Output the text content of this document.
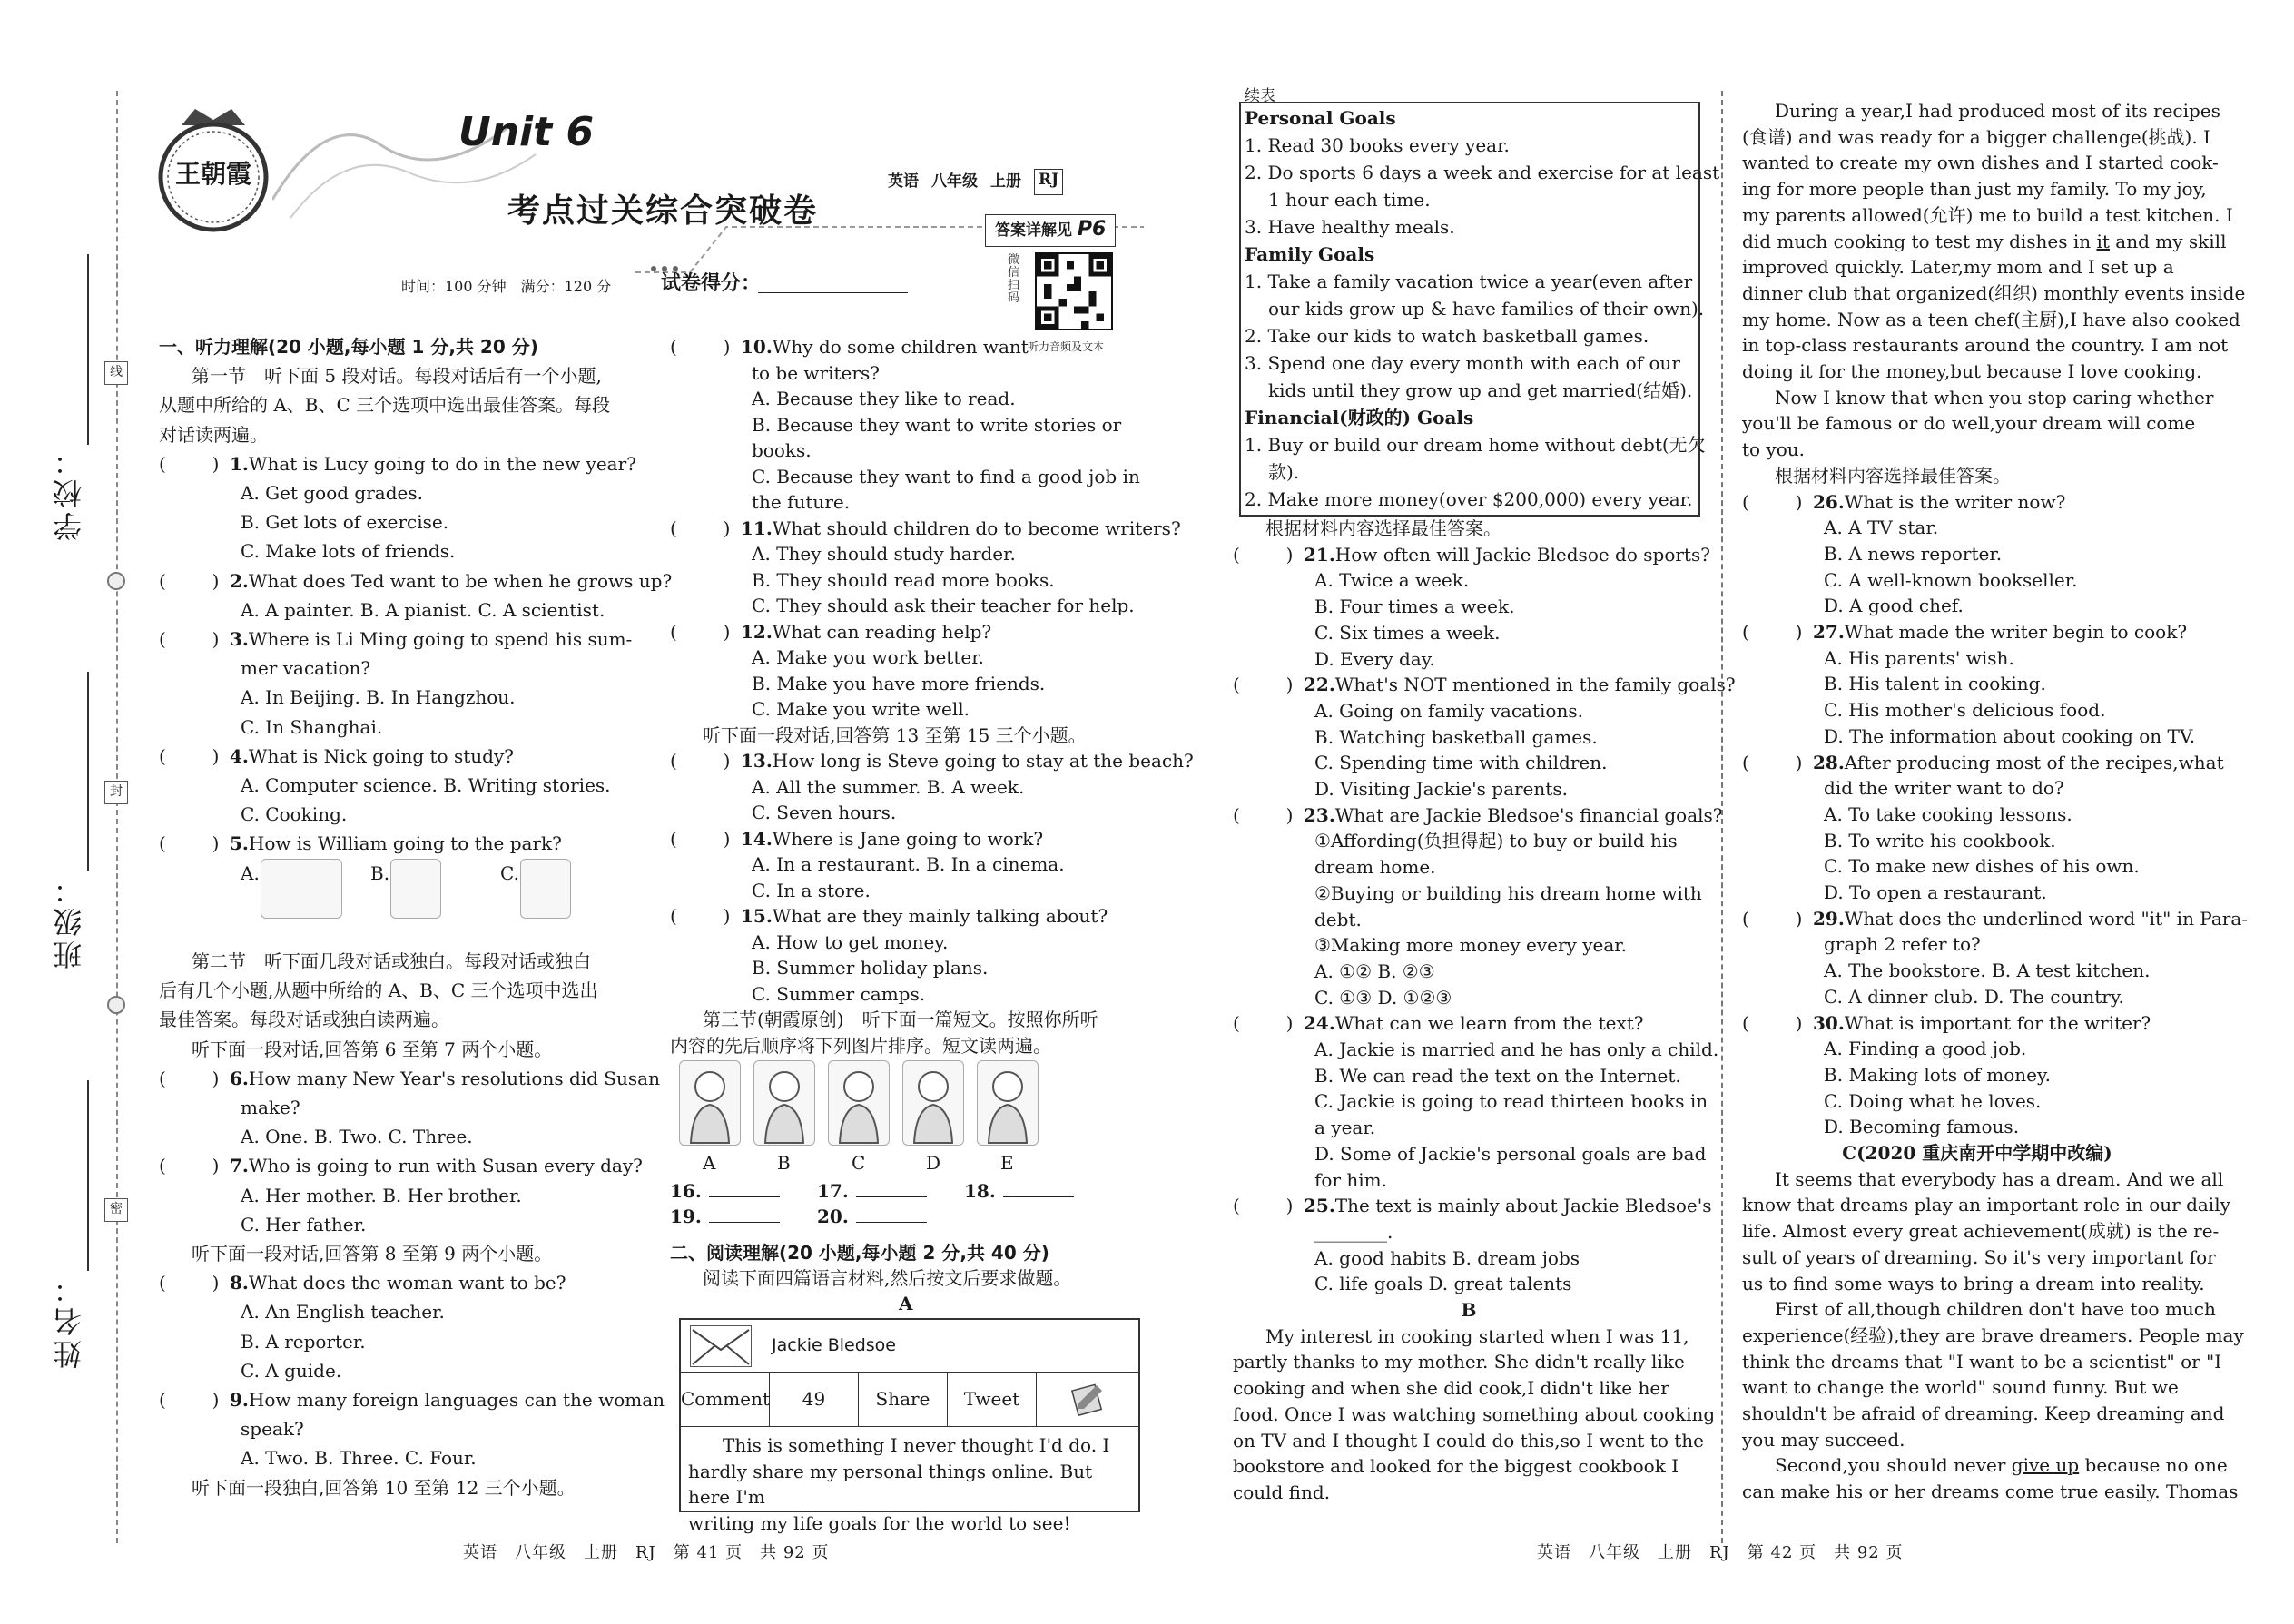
学校：
班级：
姓名：
线
封
密
王朝霞
Unit 6
考点过关综合突破卷
英语 八年级 上册 RJ
答案详解见 P6
微信扫码
听力音频及文本
时间：100 分钟　满分：120 分 试卷得分：
一、听力理解(20 小题,每小题 1 分,共 20 分)
第一节　听下面 5 段对话。每段对话后有一个小题,
从题中所给的 A、B、C 三个选项中选出最佳答案。每段
对话读两遍。
(        ) 1.What is Lucy going to do in the new year?
A. Get good grades.
B. Get lots of exercise.
C. Make lots of friends.
(        ) 2.What does Ted want to be when he grows up?
A. A painter. B. A pianist. C. A scientist.
(        ) 3.Where is Li Ming going to spend his sum-
mer vacation?
A. In Beijing. B. In Hangzhou.
C. In Shanghai.
(        ) 4.What is Nick going to study?
A. Computer science. B. Writing stories.
C. Cooking.
(        ) 5.How is William going to the park?
A.	B.	C.
第二节　听下面几段对话或独白。每段对话或独白
后有几个小题,从题中所给的 A、B、C 三个选项中选出
最佳答案。每段对话或独白读两遍。
听下面一段对话,回答第 6 至第 7 两个小题。
(        ) 6.How many New Year's resolutions did Susan
make?
A. One. B. Two. C. Three.
(        ) 7.Who is going to run with Susan every day?
A. Her mother. B. Her brother.
C. Her father.
听下面一段对话,回答第 8 至第 9 两个小题。
(        ) 8.What does the woman want to be?
A. An English teacher.
B. A reporter.
C. A guide.
(        ) 9.How many foreign languages can the woman
speak?
A. Two. B. Three. C. Four.
听下面一段独白,回答第 10 至第 12 三个小题。
(        ) 10.Why do some children want
to be writers?
A. Because they like to read.
B. Because they want to write stories or
books.
C. Because they want to find a good job in
the future.
(        ) 11.What should children do to become writers?
A. They should study harder.
B. They should read more books.
C. They should ask their teacher for help.
(        ) 12.What can reading help?
A. Make you work better.
B. Make you have more friends.
C. Make you write well.
听下面一段对话,回答第 13 至第 15 三个小题。
(        ) 13.How long is Steve going to stay at the beach?
A. All the summer. B. A week.
C. Seven hours.
(        ) 14.Where is Jane going to work?
A. In a restaurant. B. In a cinema.
C. In a store.
(        ) 15.What are they mainly talking about?
A. How to get money.
B. Summer holiday plans.
C. Summer camps.
第三节(朝霞原创)　听下面一篇短文。按照你所听
内容的先后顺序将下列图片排序。短文读两遍。
二、阅读理解(20 小题,每小题 2 分,共 40 分)
阅读下面四篇语言材料,然后按文后要求做题。
A
Jackie Bledsoe
Comment	49	Share	Tweet
This is something I never thought I'd do. I
hardly share my personal things online. But here I'm
writing my life goals for the world to see!
英语　八年级　上册　RJ　第 41 页　共 92 页
A	B	C	D	E
16.	17.	18.
19.	20.
续表
Personal Goals
1. Read 30 books every year.
2. Do sports 6 days a week and exercise for at least
1 hour each time.
3. Have healthy meals.
Family Goals
1. Take a family vacation twice a year(even after
our kids grow up & have families of their own).
2. Take our kids to watch basketball games.
3. Spend one day every month with each of our
kids until they grow up and get married(结婚).
Financial(财政的) Goals
1. Buy or build our dream home without debt(无欠
款).
2. Make more money(over $200,000) every year.
根据材料内容选择最佳答案。
(        ) 21.How often will Jackie Bledsoe do sports?
A. Twice a week.
B. Four times a week.
C. Six times a week.
D. Every day.
(        ) 22.What's NOT mentioned in the family goals?
A. Going on family vacations.
B. Watching basketball games.
C. Spending time with children.
D. Visiting Jackie's parents.
(        ) 23.What are Jackie Bledsoe's financial goals?
①Affording(负担得起) to buy or build his
dream home.
②Buying or building his dream home with
debt.
③Making more money every year.
A. ①② B. ②③
C. ①③ D. ①②③
(        ) 24.What can we learn from the text?
A. Jackie is married and he has only a child.
B. We can read the text on the Internet.
C. Jackie is going to read thirteen books in
a year.
D. Some of Jackie's personal goals are bad
for him.
(        ) 25.The text is mainly about Jackie Bledsoe's
________.
A. good habits B. dream jobs
C. life goals D. great talents
B
My interest in cooking started when I was 11,
partly thanks to my mother. She didn't really like
cooking and when she did cook,I didn't like her
food. Once I was watching something about cooking
on TV and I thought I could do this,so I went to the
bookstore and looked for the biggest cookbook I
could find.
During a year,I had produced most of its recipes
(食谱) and was ready for a bigger challenge(挑战). I
wanted to create my own dishes and I started cook-
ing for more people than just my family. To my joy,
my parents allowed(允许) me to build a test kitchen. I
did much cooking to test my dishes in it and my skill
improved quickly. Later,my mom and I set up a
dinner club that organized(组织) monthly events inside
my home. Now as a teen chef(主厨),I have also cooked
in top-class restaurants around the country. I am not
doing it for the money,but because I love cooking.
Now I know that when you stop caring whether
you'll be famous or do well,your dream will come
to you.
根据材料内容选择最佳答案。
(        ) 26.What is the writer now?
A. A TV star.
B. A news reporter.
C. A well-known bookseller.
D. A good chef.
(        ) 27.What made the writer begin to cook?
A. His parents' wish.
B. His talent in cooking.
C. His mother's delicious food.
D. The information about cooking on TV.
(        ) 28.After producing most of the recipes,what
did the writer want to do?
A. To take cooking lessons.
B. To write his cookbook.
C. To make new dishes of his own.
D. To open a restaurant.
(        ) 29.What does the underlined word "it" in Para-
graph 2 refer to?
A. The bookstore. B. A test kitchen.
C. A dinner club. D. The country.
(        ) 30.What is important for the writer?
A. Finding a good job.
B. Making lots of money.
C. Doing what he loves.
D. Becoming famous.
C(2020 重庆南开中学期中改编)
It seems that everybody has a dream. And we all
know that dreams play an important role in our daily
life. Almost every great achievement(成就) is the re-
sult of years of dreaming. So it's very important for
us to find some ways to bring a dream into reality.
First of all,though children don't have too much
experience(经验),they are brave dreamers. People may
think the dreams that "I want to be a scientist" or "I
want to change the world" sound funny. But we
shouldn't be afraid of dreaming. Keep dreaming and
you may succeed.
Second,you should never give up because no one
can make his or her dreams come true easily. Thomas
英语　八年级　上册　RJ　第 42 页　共 92 页
